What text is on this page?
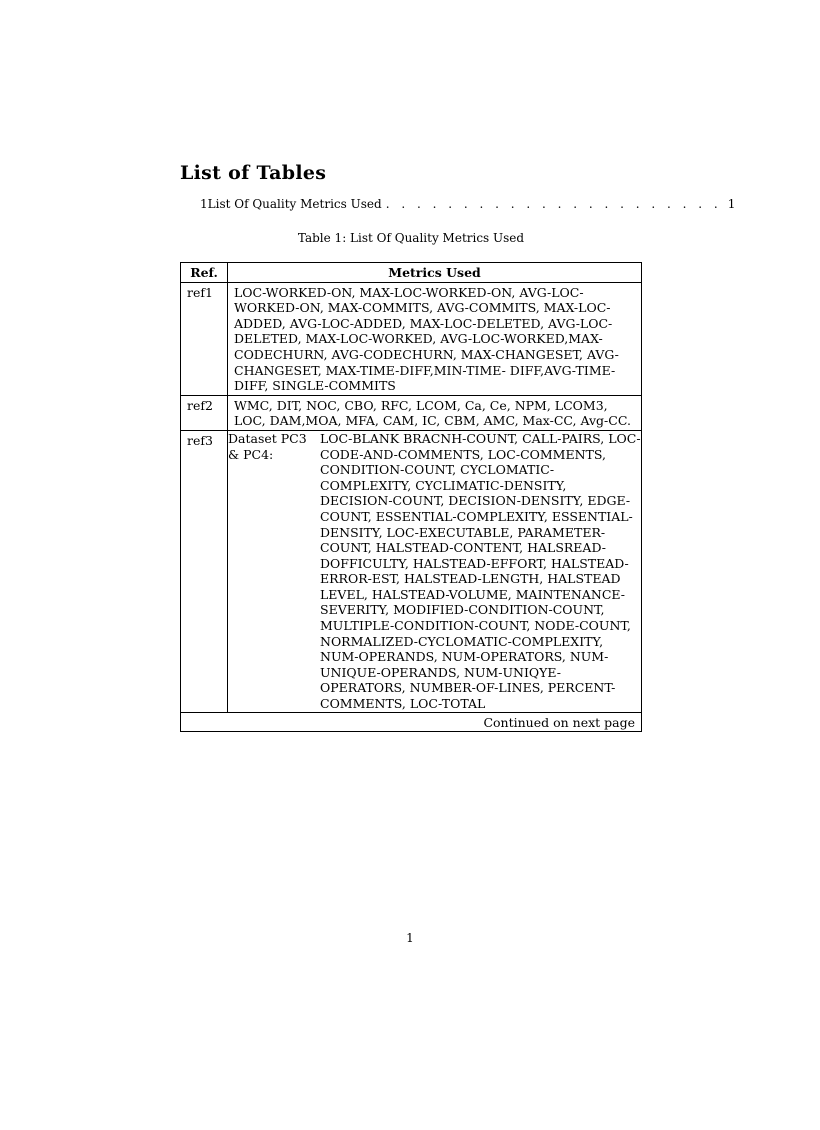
List of Tables
1 List Of Quality Metrics Used . . . . . . . . . . . . . . . . . . . . . . 1
Table 1: List Of Quality Metrics Used
Ref.	Metrics Used
ref1	LOC-WORKED-ON, MAX-LOC-WORKED-ON, AVG-LOC-WORKED-ON, MAX-COMMITS, AVG-COMMITS, MAX-LOC-ADDED, AVG-LOC-ADDED, MAX-LOC-DELETED, AVG-LOC-DELETED, MAX-LOC-WORKED, AVG-LOC-WORKED,MAX-CODECHURN, AVG-CODECHURN, MAX-CHANGESET, AVG-CHANGESET, MAX-TIME-DIFF,MIN-TIME- DIFF,AVG-TIME-DIFF, SINGLE-COMMITS
ref2	WMC, DIT, NOC, CBO, RFC, LCOM, Ca, Ce, NPM, LCOM3, LOC, DAM,MOA, MFA, CAM, IC, CBM, AMC, Max-CC, Avg-CC.
ref3	Dataset PC3 & PC4:	LOC-BLANK BRACNH-COUNT, CALL-PAIRS, LOC-CODE-AND-COMMENTS, LOC-COMMENTS, CONDITION-COUNT, CYCLOMATIC-COMPLEXITY, CYCLIMATIC-DENSITY, DECISION-COUNT, DECISION-DENSITY, EDGE-COUNT, ESSENTIAL-COMPLEXITY, ESSENTIAL-DENSITY, LOC-EXECUTABLE, PARAMETER-COUNT, HALSTEAD-CONTENT, HALSREAD-DOFFICULTY, HALSTEAD-EFFORT, HALSTEAD-ERROR-EST, HALSTEAD-LENGTH, HALSTEAD LEVEL, HALSTEAD-VOLUME, MAINTENANCE-SEVERITY, MODIFIED-CONDITION-COUNT, MULTIPLE-CONDITION-COUNT, NODE-COUNT, NORMALIZED-CYCLOMATIC-COMPLEXITY, NUM-OPERANDS, NUM-OPERATORS, NUM-UNIQUE-OPERANDS, NUM-UNIQYE-OPERATORS, NUMBER-OF-LINES, PERCENT-COMMENTS, LOC-TOTAL

Continued on next page
1
